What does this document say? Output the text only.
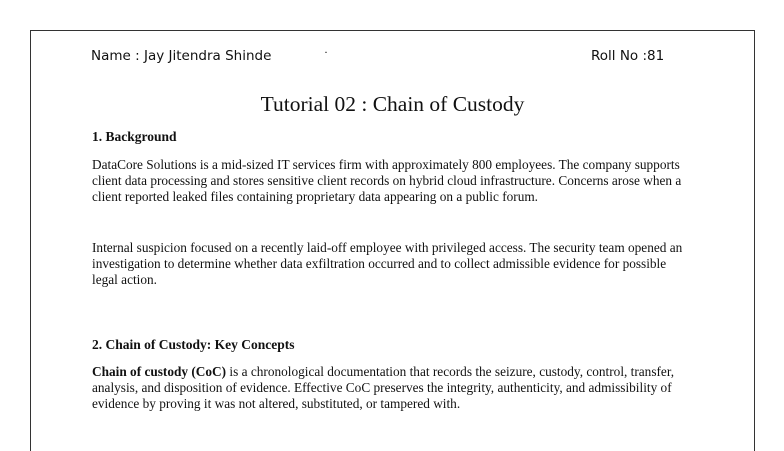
Name : Jay Jitendra Shinde	·	Roll No :81
Tutorial 02 : Chain of Custody
1. Background
DataCore Solutions is a mid-sized IT services firm with approximately 800 employees. The company supports client data processing and stores sensitive client records on hybrid cloud infrastructure. Concerns arose when a client reported leaked files containing proprietary data appearing on a public forum.
Internal suspicion focused on a recently laid-off employee with privileged access. The security team opened an investigation to determine whether data exfiltration occurred and to collect admissible evidence for possible legal action.
2. Chain of Custody: Key Concepts
Chain of custody (CoC) is a chronological documentation that records the seizure, custody, control, transfer, analysis, and disposition of evidence. Effective CoC preserves the integrity, authenticity, and admissibility of evidence by proving it was not altered, substituted, or tampered with.
